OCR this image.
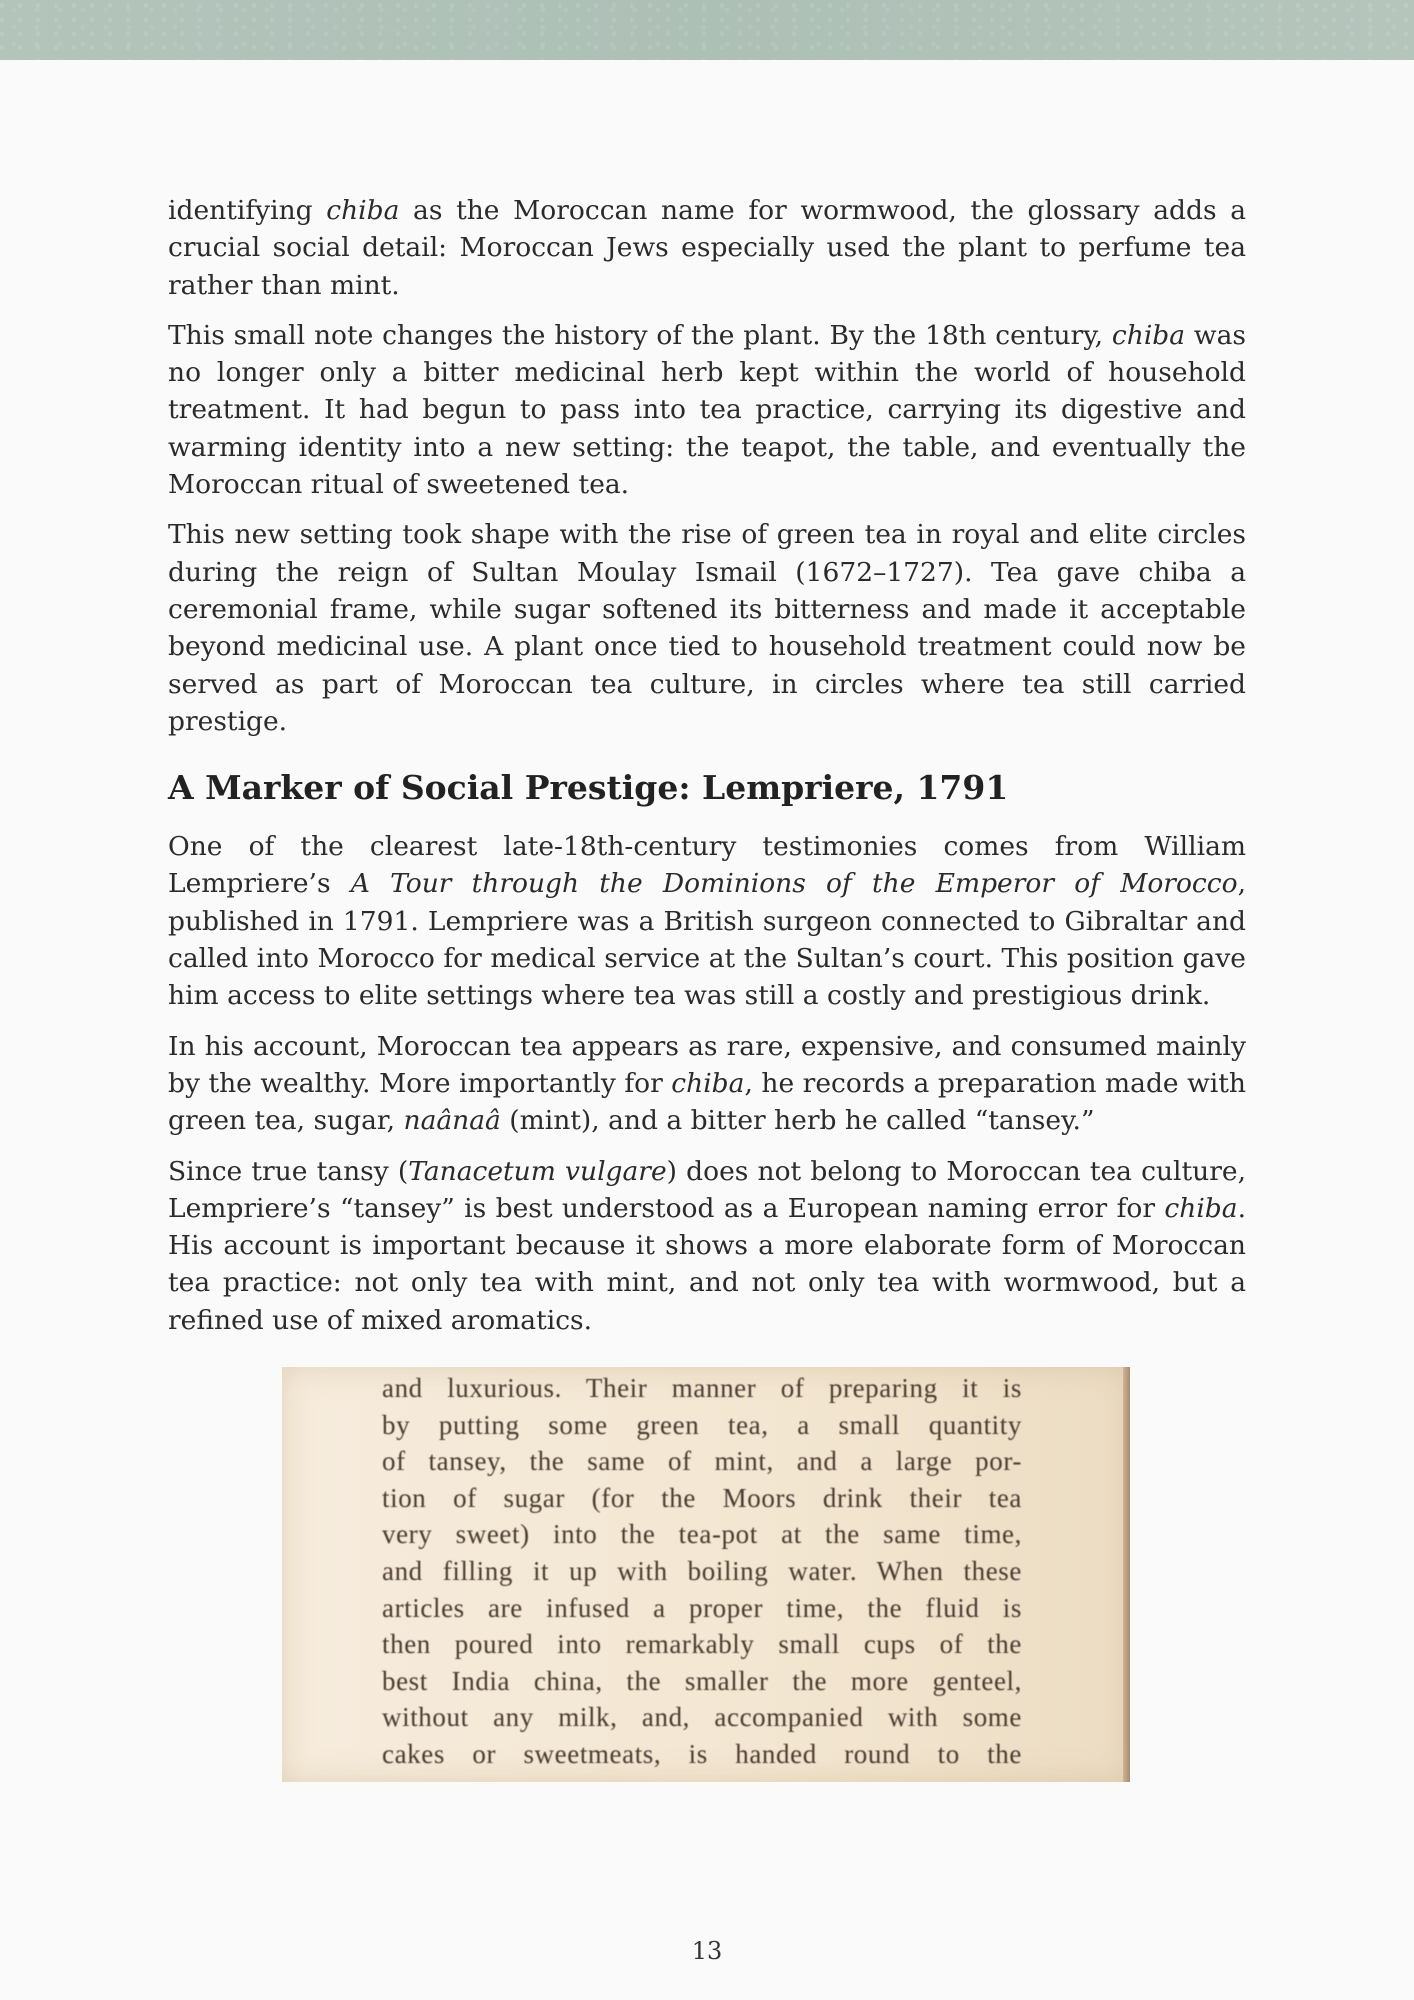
identifying chiba as the Moroccan name for wormwood, the glossary adds a crucial social detail: Moroccan Jews especially used the plant to perfume tea rather than mint.

This small note changes the history of the plant. By the 18th century, chiba was no longer only a bitter medicinal herb kept within the world of household treatment. It had begun to pass into tea practice, carrying its digestive and warming identity into a new setting: the teapot, the table, and eventually the Moroccan ritual of sweetened tea.

This new setting took shape with the rise of green tea in royal and elite circles during the reign of Sultan Moulay Ismail (1672–1727). Tea gave chiba a ceremonial frame, while sugar softened its bitterness and made it acceptable beyond medicinal use. A plant once tied to household treatment could now be served as part of Moroccan tea culture, in circles where tea still carried prestige.

A Marker of Social Prestige: Lempriere, 1791

One of the clearest late-18th-century testimonies comes from William Lempriere’s A Tour through the Dominions of the Emperor of Morocco, published in 1791. Lempriere was a British surgeon connected to Gibraltar and called into Morocco for medical service at the Sultan’s court. This position gave him access to elite settings where tea was still a costly and prestigious drink.

In his account, Moroccan tea appears as rare, expensive, and consumed mainly by the wealthy. More importantly for chiba, he records a preparation made with green tea, sugar, naânaâ (mint), and a bitter herb he called “tansey.”

Since true tansy (Tanacetum vulgare) does not belong to Moroccan tea culture, Lempriere’s “tansey” is best understood as a European naming error for chiba. His account is important because it shows a more elaborate form of Moroccan tea practice: not only tea with mint, and not only tea with wormwood, but a refined use of mixed aromatics.

and luxurious. Their manner of preparing it is
by putting some green tea, a small quantity
of tansey, the same of mint, and a large por-
tion of sugar (for the Moors drink their tea
very sweet) into the tea-pot at the same time,
and filling it up with boiling water. When these
articles are infused a proper time, the fluid is
then poured into remarkably small cups of the
best India china, the smaller the more genteel,
without any milk, and, accompanied with some
cakes or sweetmeats, is handed round to the
13
